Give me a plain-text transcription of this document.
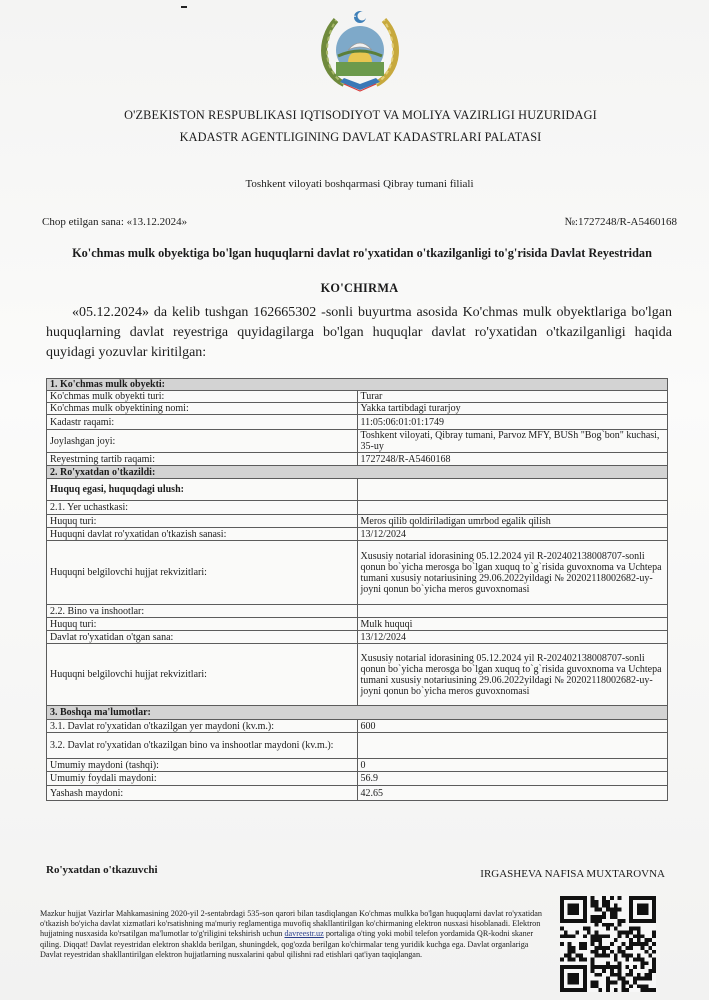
O'ZBEKISTON RESPUBLIKASI IQTISODIYOT VA MOLIYA VAZIRLIGI HUZURIDAGI
KADASTR AGENTLIGINING DAVLAT KADASTRLARI PALATASI
Toshkent viloyati boshqarmasi Qibray tumani filiali
Chop etilgan sana: «13.12.2024»	№:1727248/R-A5460168
Ko'chmas mulk obyektiga bo'lgan huquqlarni davlat ro'yxatidan o'tkazilganligi to'g'risida Davlat Reyestridan
KO'CHIRMA
«05.12.2024» da kelib tushgan 162665302 -sonli buyurtma asosida Ko'chmas mulk obyektlariga bo'lgan huquqlarning davlat reyestriga quyidagilarga bo'lgan huquqlar davlat ro'yxatidan o'tkazilganligi haqida quyidagi yozuvlar kiritilgan:
1. Ko'chmas mulk obyekti:	
Ko'chmas mulk obyekti turi:	Turar
Ko'chmas mulk obyektining nomi:	Yakka tartibdagi turarjoy
Kadastr raqami:	11:05:06:01:01:1749
Joylashgan joyi:	Toshkent viloyati, Qibray tumani, Parvoz MFY, BUSh "Bog`bon" kuchasi, 35-uy
Reyestrning tartib raqami:	1727248/R-A5460168
2. Ro'yxatdan o'tkazildi:	
Huquq egasi, huquqdagi ulush:	
2.1. Yer uchastkasi:	
Huquq turi:	Meros qilib qoldiriladigan umrbod egalik qilish
Huquqni davlat ro'yxatidan o'tkazish sanasi:	13/12/2024
Huquqni belgilovchi hujjat rekvizitlari:	Xususiy notarial idorasining 05.12.2024 yil R-202402138008707-sonli qonun bo`yicha merosga bo`lgan xuquq to`g`risida guvoxnoma va Uchtepa tumani xususiy notariusining 29.06.2022yildagi № 20202118002682-uy-joyni qonun bo`yicha meros guvoxnomasi
2.2. Bino va inshootlar:	
Huquq turi:	Mulk huquqi
Davlat ro'yxatidan o'tgan sana:	13/12/2024
Huquqni belgilovchi hujjat rekvizitlari:	Xususiy notarial idorasining 05.12.2024 yil R-202402138008707-sonli qonun bo`yicha merosga bo`lgan xuquq to`g`risida guvoxnoma va Uchtepa tumani xususiy notariusining 29.06.2022yildagi № 20202118002682-uy-joyni qonun bo`yicha meros guvoxnomasi
3. Boshqa ma'lumotlar:	
3.1. Davlat ro'yxatidan o'tkazilgan yer maydoni (kv.m.):	600
3.2. Davlat ro'yxatidan o'tkazilgan bino va inshootlar maydoni (kv.m.):	
Umumiy maydoni (tashqi):	0
Umumiy foydali maydoni:	56.9
Yashash maydoni:	42.65
Ro'yxatdan o'tkazuvchi	IRGASHEVA NAFISA MUXTAROVNA
Mazkur hujjat Vazirlar Mahkamasining 2020-yil 2-sentabrdagi 535-son qarori bilan tasdiqlangan Ko'chmas mulkka bo'lgan huquqlarni davlat ro'yxatidan o'tkazish bo'yicha davlat xizmatlari ko'rsatishning ma'muriy reglamentiga muvofiq shakllantirilgan ko'chirmaning elektron nusxasi hisoblanadi. Elektron hujjatning nusxasida ko'rsatilgan ma'lumotlar to'g'riligini tekshirish uchun davreestr.uz portaliga o'ting yoki mobil telefon yordamida QR-kodni skaner qiling. Diqqat! Davlat reyestridan elektron shaklda berilgan, shuningdek, qog'ozda berilgan ko'chirmalar teng yuridik kuchga ega. Davlat organlariga Davlat reyestridan shakllantirilgan elektron hujjatlarning nusxalarini qabul qilishni rad etishlari qat'iyan taqiqlangan.
